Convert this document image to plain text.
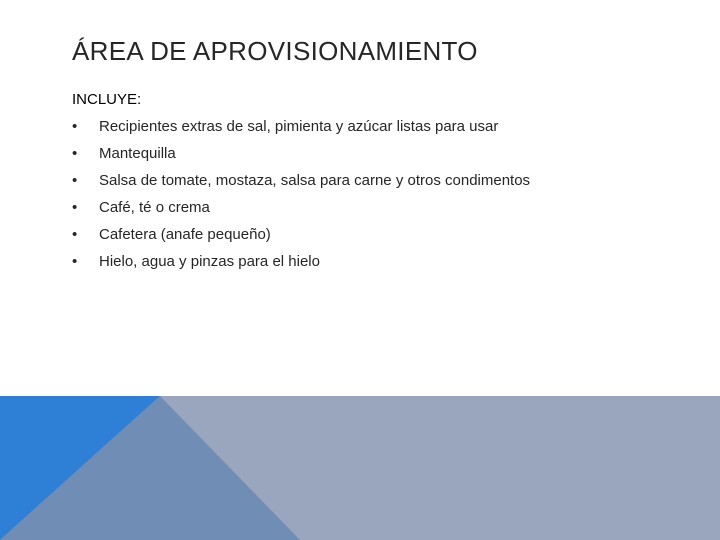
ÁREA DE APROVISIONAMIENTO
INCLUYE:
•	Recipientes extras de sal, pimienta y azúcar listas para usar
•	Mantequilla
•	Salsa de tomate, mostaza, salsa para carne y otros condimentos
•	Café, té o crema
•	Cafetera (anafe pequeño)
•	Hielo, agua y pinzas para el hielo
